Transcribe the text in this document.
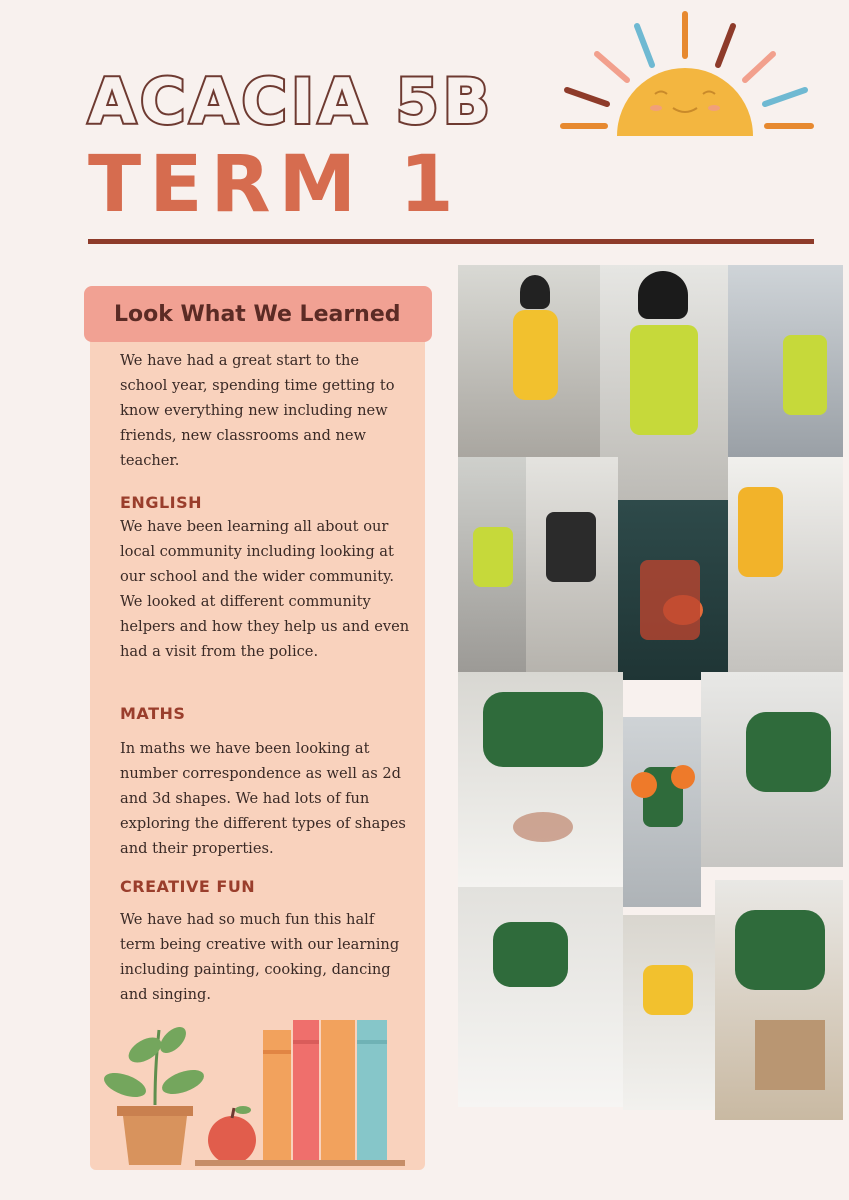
ACACIA 5B
TERM 1
Look What We Learned
We have had a great start to the school year, spending time getting to know everything new including new friends, new classrooms and new teacher.
ENGLISH
We have been learning all about our local community including looking at our school and the wider community. We looked at different community helpers and how they help us and even had a visit from the police.
MATHS
In maths we have been looking at number correspondence as well as 2d and 3d shapes. We had lots of fun exploring the different types of shapes and their properties.
CREATIVE FUN
We have had so much fun this half term being creative with our learning including painting, cooking, dancing and singing.
